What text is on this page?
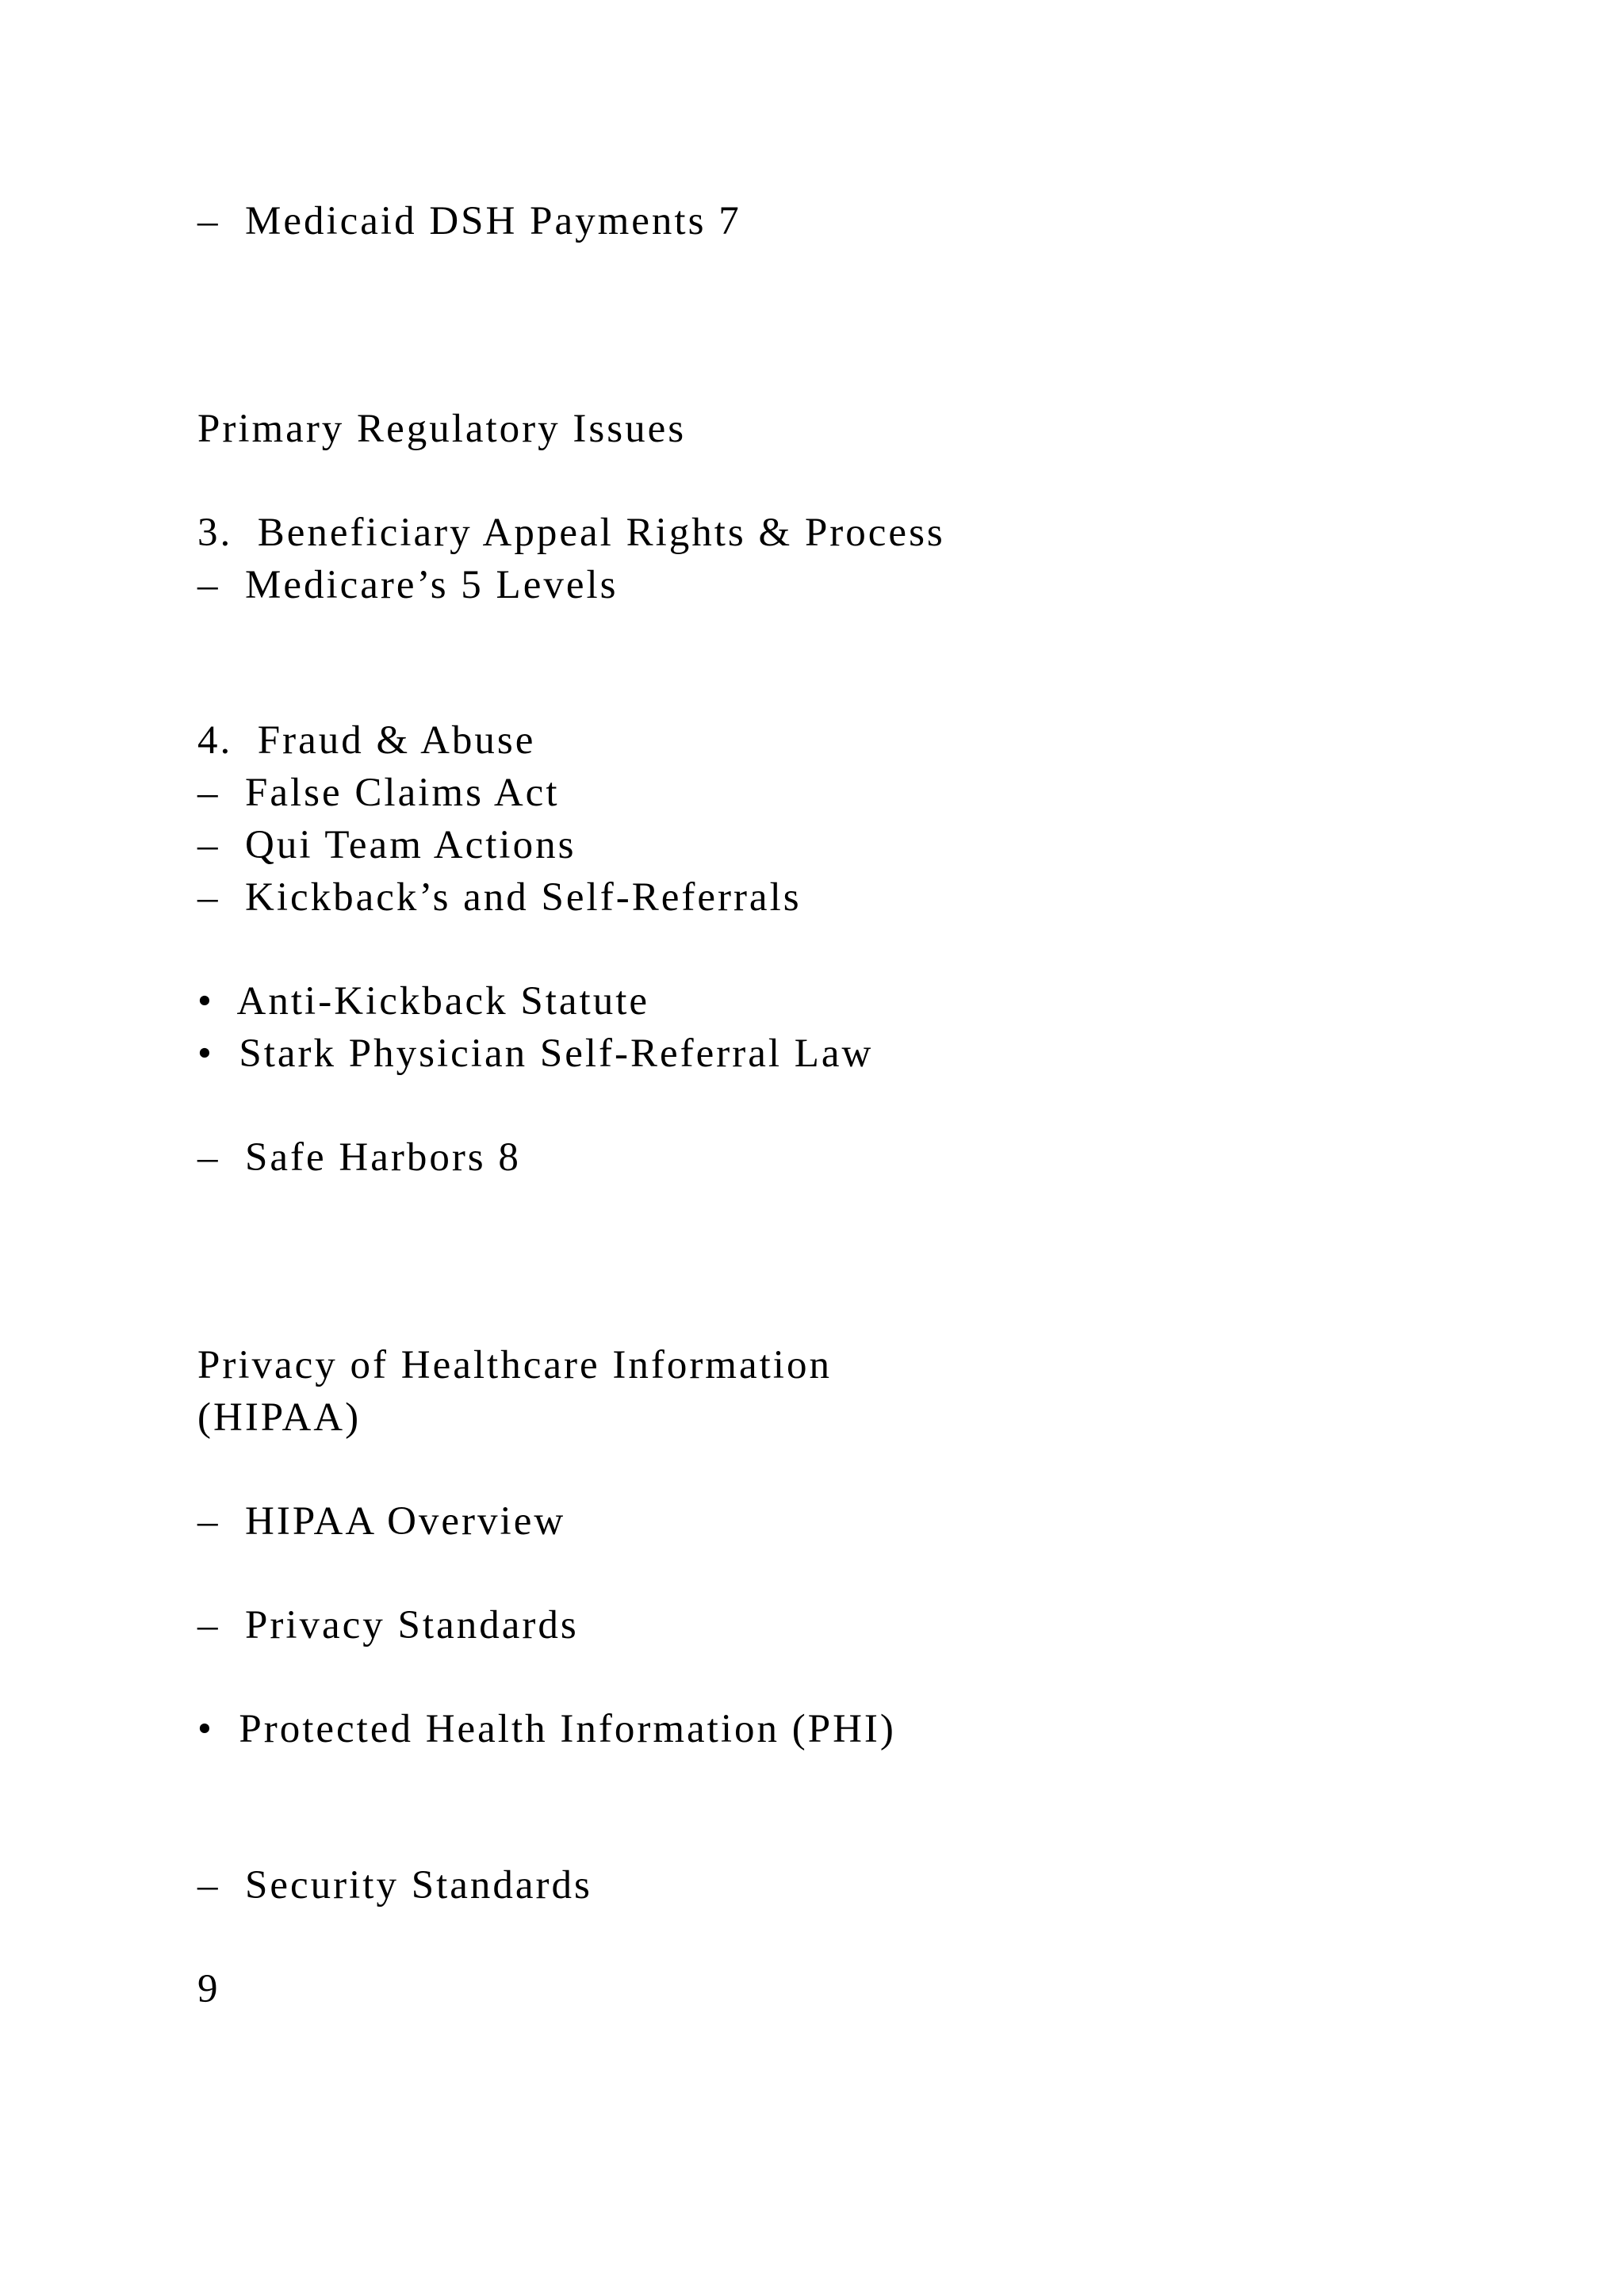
–  Medicaid DSH Payments 7

Primary Regulatory Issues

3.  Beneficiary Appeal Rights & Process

–  Medicare’s 5 Levels

4.  Fraud & Abuse

–  False Claims Act

–  Qui Team Actions

–  Kickback’s and Self-Referrals

•  Anti-Kickback Statute

•  Stark Physician Self-Referral Law

–  Safe Harbors 8

Privacy of Healthcare Information

(HIPAA)

–  HIPAA Overview

–  Privacy Standards

•  Protected Health Information (PHI)

–  Security Standards

9
